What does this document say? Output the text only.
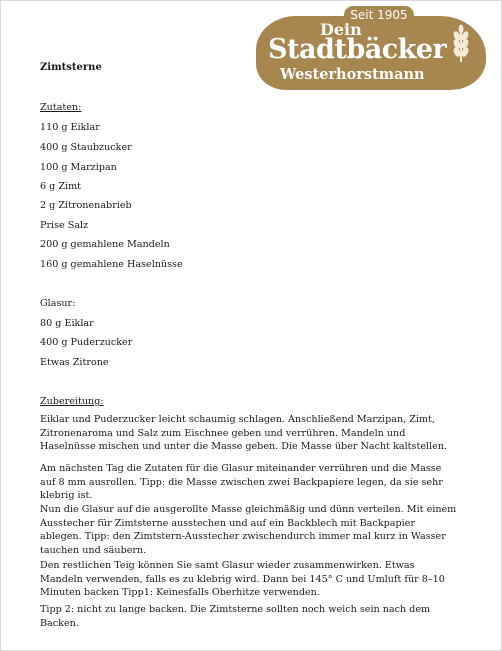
Seit 1905
Dein
Stadtbäcker
Westerhorstmann
Zimtsterne
Zutaten:
110 g Eiklar
400 g Staubzucker
100 g Marzipan
6 g Zimt
2 g Zitronenabrieb
Prise Salz
200 g gemahlene Mandeln
160 g gemahlene Haselnüsse
Glasur:
80 g Eiklar
400 g Puderzucker
Etwas Zitrone
Zubereitung:
Eiklar und Puderzucker leicht schaumig schlagen. Anschließend Marzipan, Zimt, Zitronenaroma und Salz zum Eischnee geben und verrühren. Mandeln und Haselnüsse mischen und unter die Masse geben. Die Masse über Nacht kaltstellen.
Am nächsten Tag die Zutaten für die Glasur miteinander verrühren und die Masse auf 8 mm ausrollen. Tipp: die Masse zwischen zwei Backpapiere legen, da sie sehr klebrig ist.
Nun die Glasur auf die ausgerollte Masse gleichmäßig und dünn verteilen. Mit einem Ausstecher für Zimtsterne ausstechen und auf ein Backblech mit Backpapier ablegen. Tipp: den Zimtstern-Ausstecher zwischendurch immer mal kurz in Wasser tauchen und säubern.
Den restlichen Teig können Sie samt Glasur wieder zusammenwirken. Etwas Mandeln verwenden, falls es zu klebrig wird. Dann bei 145° C und Umluft für 8–10 Minuten backen Tipp1: Keinesfalls Oberhitze verwenden.
Tipp 2: nicht zu lange backen. Die Zimtsterne sollten noch weich sein nach dem Backen.
